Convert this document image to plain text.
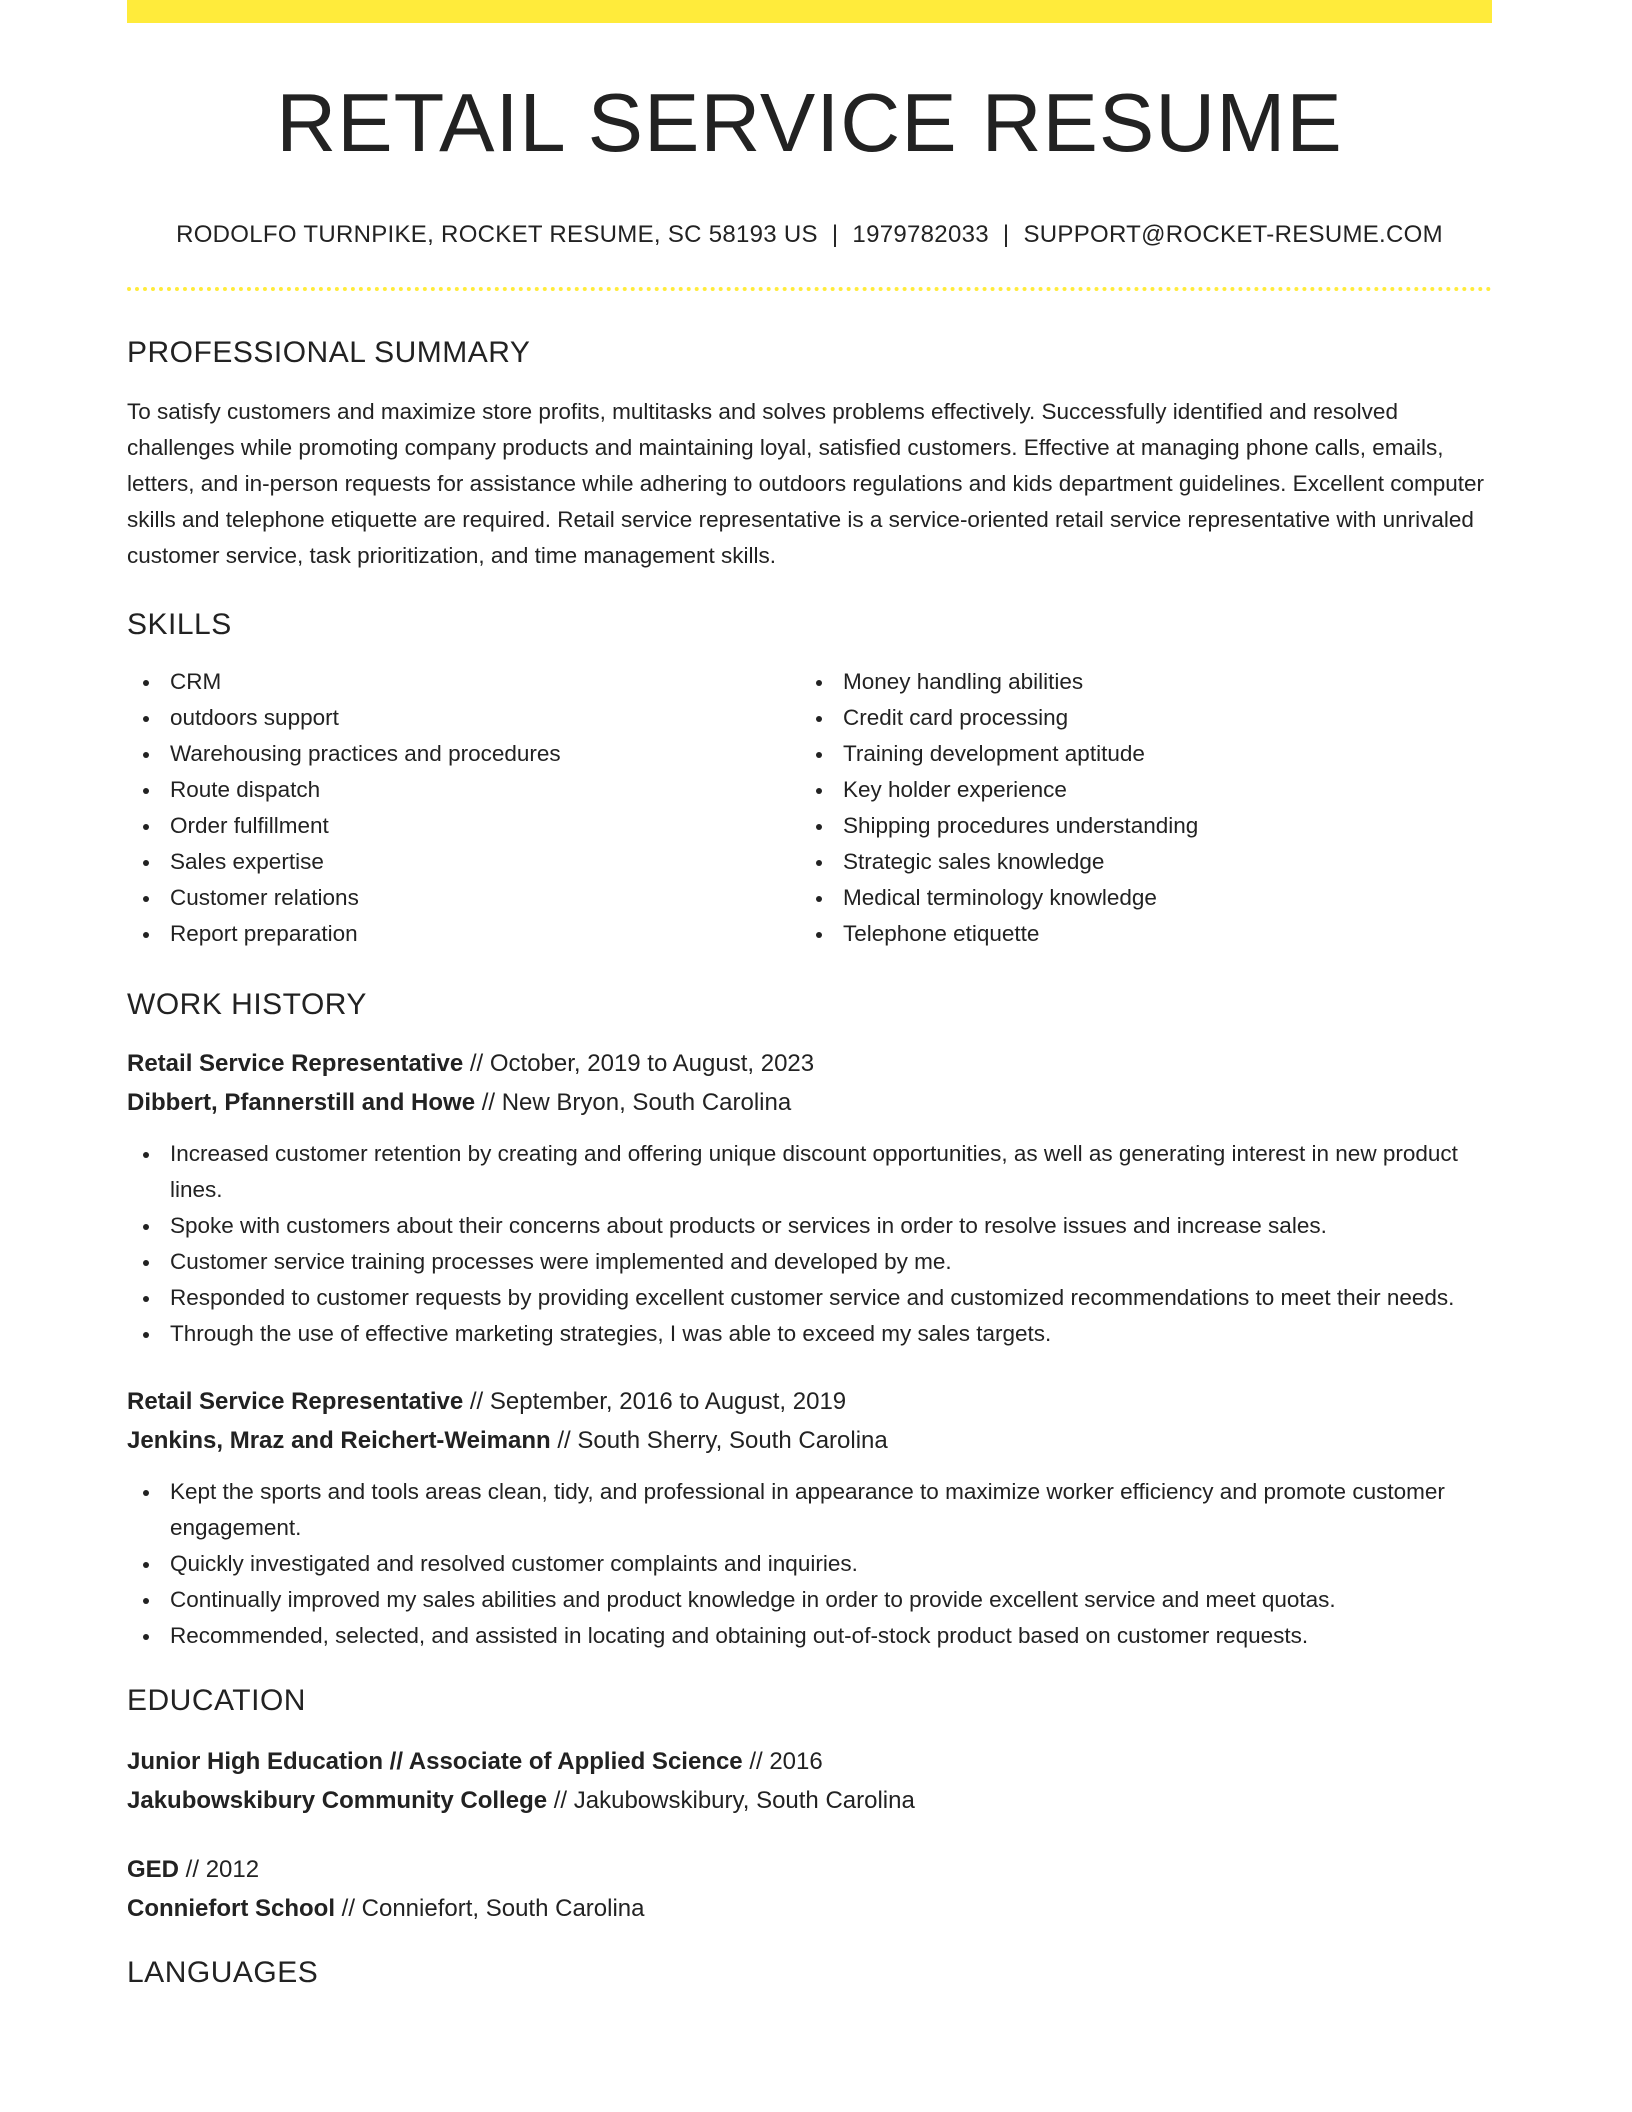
RETAIL SERVICE RESUME
RODOLFO TURNPIKE, ROCKET RESUME, SC 58193 US | 1979782033 | SUPPORT@ROCKET-RESUME.COM
PROFESSIONAL SUMMARY

To satisfy customers and maximize store profits, multitasks and solves problems effectively. Successfully identified and resolved challenges while promoting company products and maintaining loyal, satisfied customers. Effective at managing phone calls, emails, letters, and in-person requests for assistance while adhering to outdoors regulations and kids department guidelines. Excellent computer skills and telephone etiquette are required. Retail service representative is a service-oriented retail service representative with unrivaled customer service, task prioritization, and time management skills.

SKILLS
CRM
outdoors support
Warehousing practices and procedures
Route dispatch
Order fulfillment
Sales expertise
Customer relations
Report preparation
Money handling abilities
Credit card processing
Training development aptitude
Key holder experience
Shipping procedures understanding
Strategic sales knowledge
Medical terminology knowledge
Telephone etiquette
WORK HISTORY
Retail Service Representative // October, 2019 to August, 2023
Dibbert, Pfannerstill and Howe // New Bryon, South Carolina
Increased customer retention by creating and offering unique discount opportunities, as well as generating interest in new product lines.
Spoke with customers about their concerns about products or services in order to resolve issues and increase sales.
Customer service training processes were implemented and developed by me.
Responded to customer requests by providing excellent customer service and customized recommendations to meet their needs.
Through the use of effective marketing strategies, I was able to exceed my sales targets.
Retail Service Representative // September, 2016 to August, 2019
Jenkins, Mraz and Reichert-Weimann // South Sherry, South Carolina
Kept the sports and tools areas clean, tidy, and professional in appearance to maximize worker efficiency and promote customer engagement.
Quickly investigated and resolved customer complaints and inquiries.
Continually improved my sales abilities and product knowledge in order to provide excellent service and meet quotas.
Recommended, selected, and assisted in locating and obtaining out-of-stock product based on customer requests.
EDUCATION
Junior High Education // Associate of Applied Science // 2016
Jakubowskibury Community College // Jakubowskibury, South Carolina
GED // 2012
Conniefort School // Conniefort, South Carolina
LANGUAGES
